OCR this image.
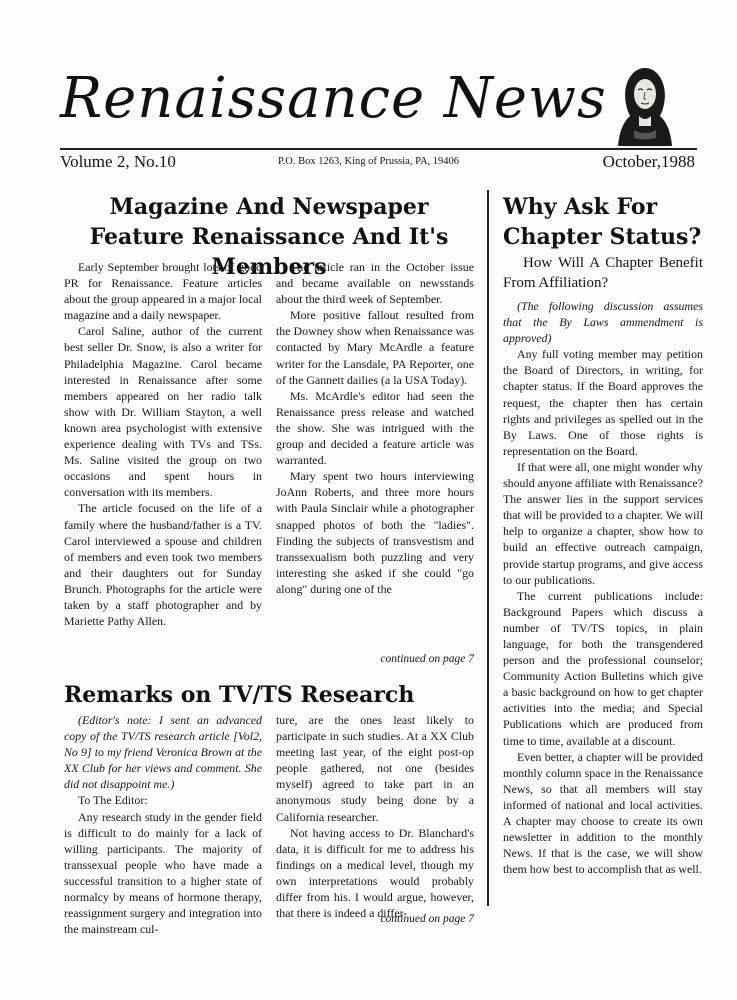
Renaissance News
Volume 2, No.10	P.O. Box 1263, King of Prussia, PA, 19406	October,1988
Magazine And Newspaper Feature Renaissance And It's Members

Early September brought lots of good PR for Renaissance. Feature articles about the group appeared in a major local magazine and a daily newspaper.

Carol Saline, author of the current best seller Dr. Snow, is also a writer for Philadelphia Magazine. Carol became interested in Renaissance after some members appeared on her radio talk show with Dr. William Stayton, a well known area psychologist with extensive experience dealing with TVs and TSs. Ms. Saline visited the group on two occasions and spent hours in conversation with its members.

The article focused on the life of a family where the husband/father is a TV. Carol interviewed a spouse and children of members and even took two members and their daughters out for Sunday Brunch. Photographs for the article were taken by a staff photographer and by Mariette Pathy Allen.

The article ran in the October issue and became available on newsstands about the third week of September.

More positive fallout resulted from the Downey show when Renaissance was contacted by Mary McArdle a feature writer for the Lansdale, PA Reporter, one of the Gannett dailies (a la USA Today).

Ms. McArdle's editor had seen the Renaissance press release and watched the show. She was intrigued with the group and decided a feature article was warranted.

Mary spent two hours interviewing JoAnn Roberts, and three more hours with Paula Sinclair while a photographer snapped photos of both the "ladies". Finding the subjects of transvestism and transsexualism both puzzling and very interesting she asked if she could "go along" during one of the

continued on page 7
Remarks on TV/TS Research

(Editor's note: I sent an advanced copy of the TV/TS research article [Vol2, No 9] to my friend Veronica Brown at the XX Club for her views and comment. She did not disappoint me.)

To The Editor:

Any research study in the gender field is difficult to do mainly for a lack of willing participants. The majority of transsexual people who have made a successful transition to a higher state of normalcy by means of hormone therapy, reassignment surgery and integration into the mainstream cul-

ture, are the ones least likely to participate in such studies. At a XX Club meeting last year, of the eight post-op people gathered, not one (besides myself) agreed to take part in an anonymous study being done by a California researcher.

Not having access to Dr. Blanchard's data, it is difficult for me to address his findings on a medical level, though my own interpretations would probably differ from his. I would argue, however, that there is indeed a differ-

continued on page 7
Why Ask For Chapter Status?

How Will A Chapter Benefit From Affiliation?

(The following discussion assumes that the By Laws ammendment is approved)

Any full voting member may petition the Board of Directors, in writing, for chapter status. If the Board approves the request, the chapter then has certain rights and privileges as spelled out in the By Laws. One of those rights is representation on the Board.

If that were all, one might wonder why should anyone affiliate with Renaissance? The answer lies in the support services that will be provided to a chapter. We will help to organize a chapter, show how to build an effective outreach campaign, provide startup programs, and give access to our publications.

The current publications include: Background Papers which discuss a number of TV/TS topics, in plain language, for both the transgendered person and the professional counselor; Community Action Bulletins which give a basic background on how to get chapter activities into the media; and Special Publications which are produced from time to time, available at a discount.

Even better, a chapter will be provided monthly column space in the Renaissance News, so that all members will stay informed of national and local activities. A chapter may choose to create its own newsletter in addition to the monthly News. If that is the case, we will show them how best to accomplish that as well.
